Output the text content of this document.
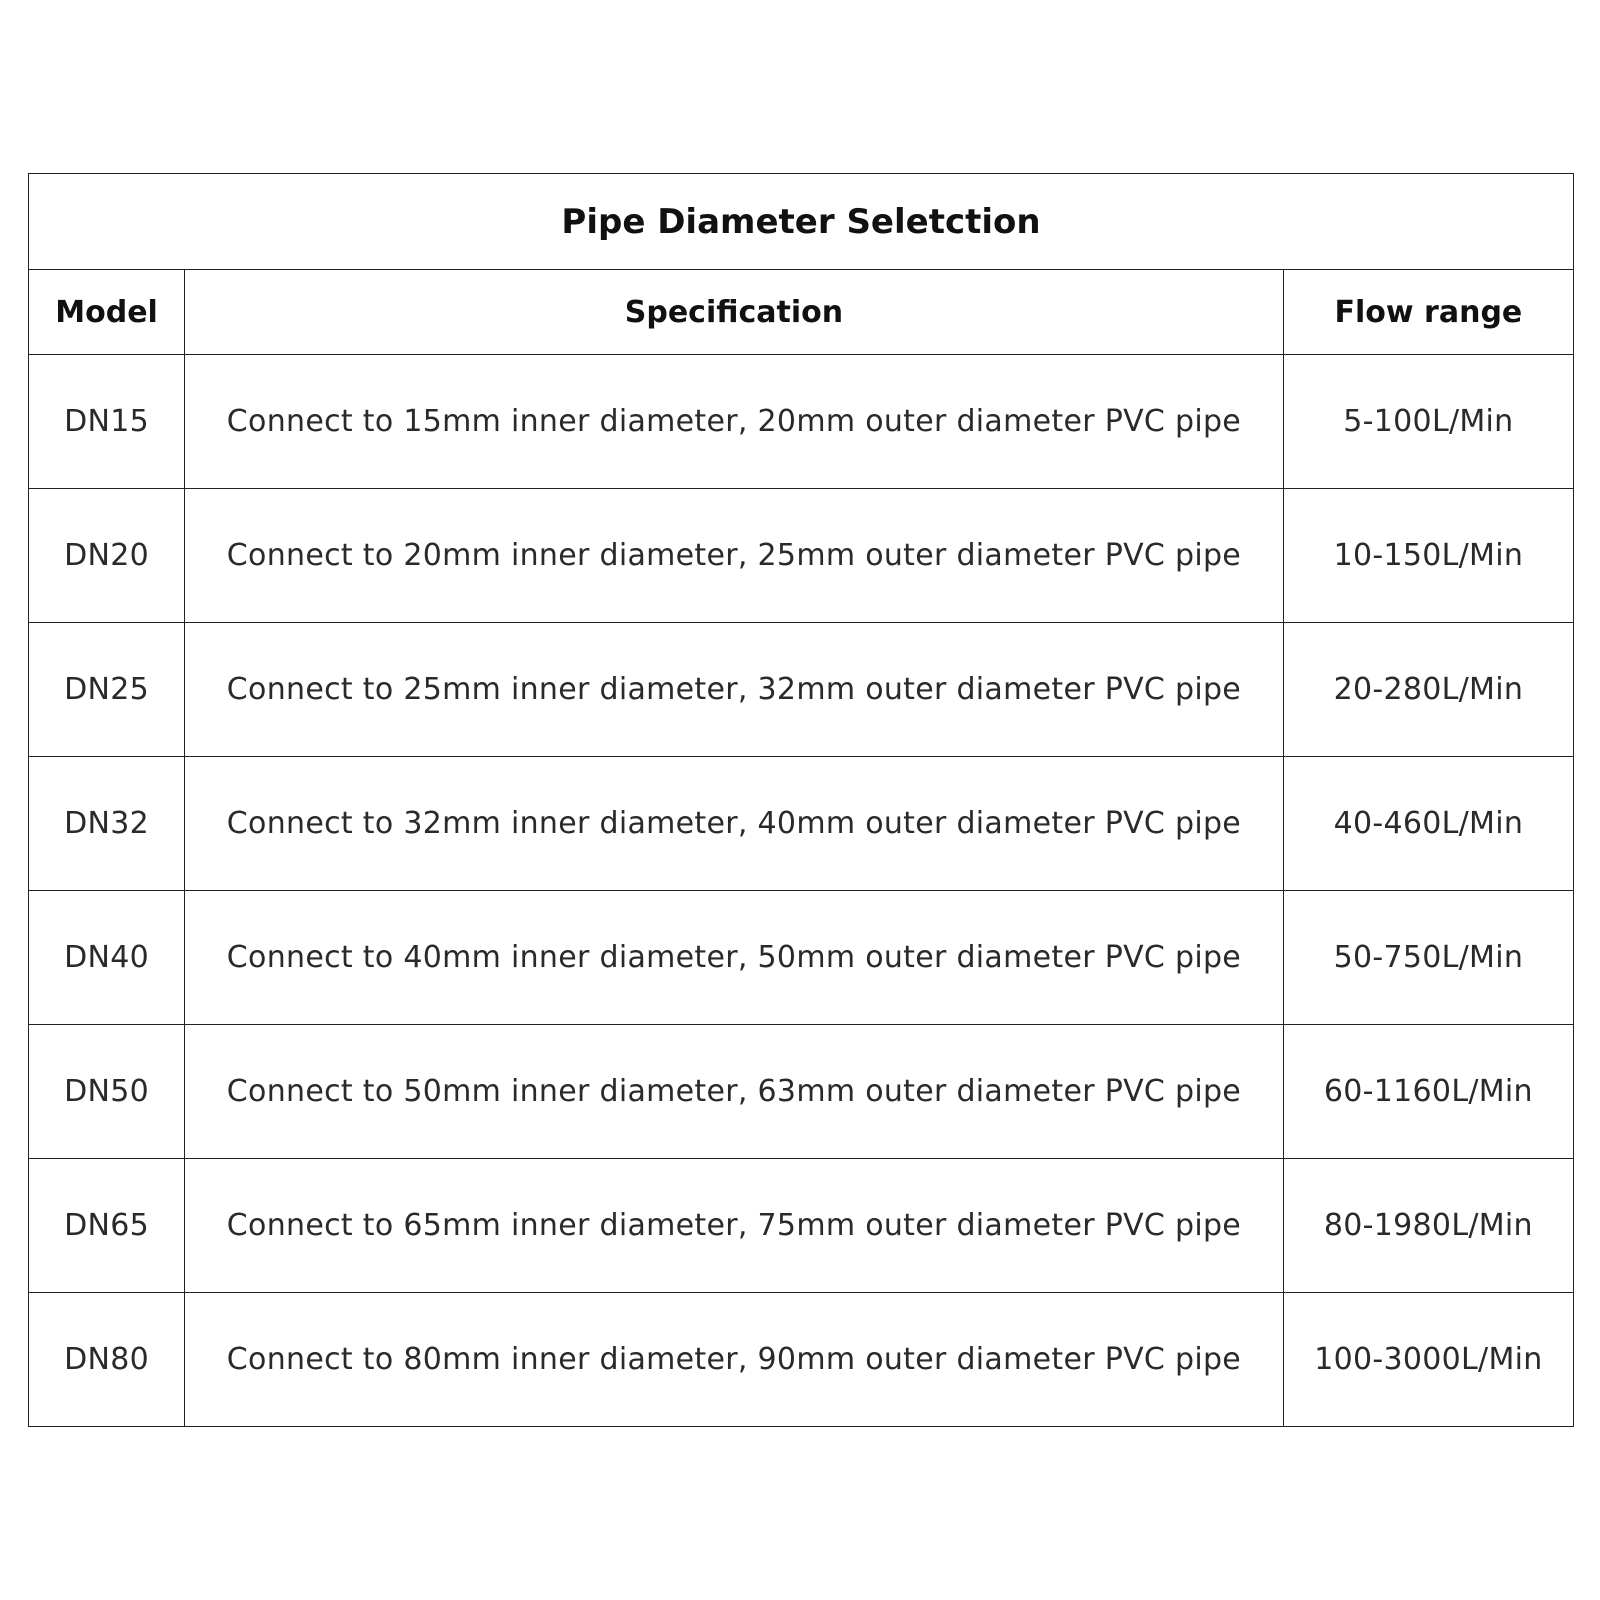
Pipe Diameter Seletction		
Model	Specification	Flow range
DN15	Connect to 15mm inner diameter, 20mm outer diameter PVC pipe	5-100L/Min
DN20	Connect to 20mm inner diameter, 25mm outer diameter PVC pipe	10-150L/Min
DN25	Connect to 25mm inner diameter, 32mm outer diameter PVC pipe	20-280L/Min
DN32	Connect to 32mm inner diameter, 40mm outer diameter PVC pipe	40-460L/Min
DN40	Connect to 40mm inner diameter, 50mm outer diameter PVC pipe	50-750L/Min
DN50	Connect to 50mm inner diameter, 63mm outer diameter PVC pipe	60-1160L/Min
DN65	Connect to 65mm inner diameter, 75mm outer diameter PVC pipe	80-1980L/Min
DN80	Connect to 80mm inner diameter, 90mm outer diameter PVC pipe	100-3000L/Min
